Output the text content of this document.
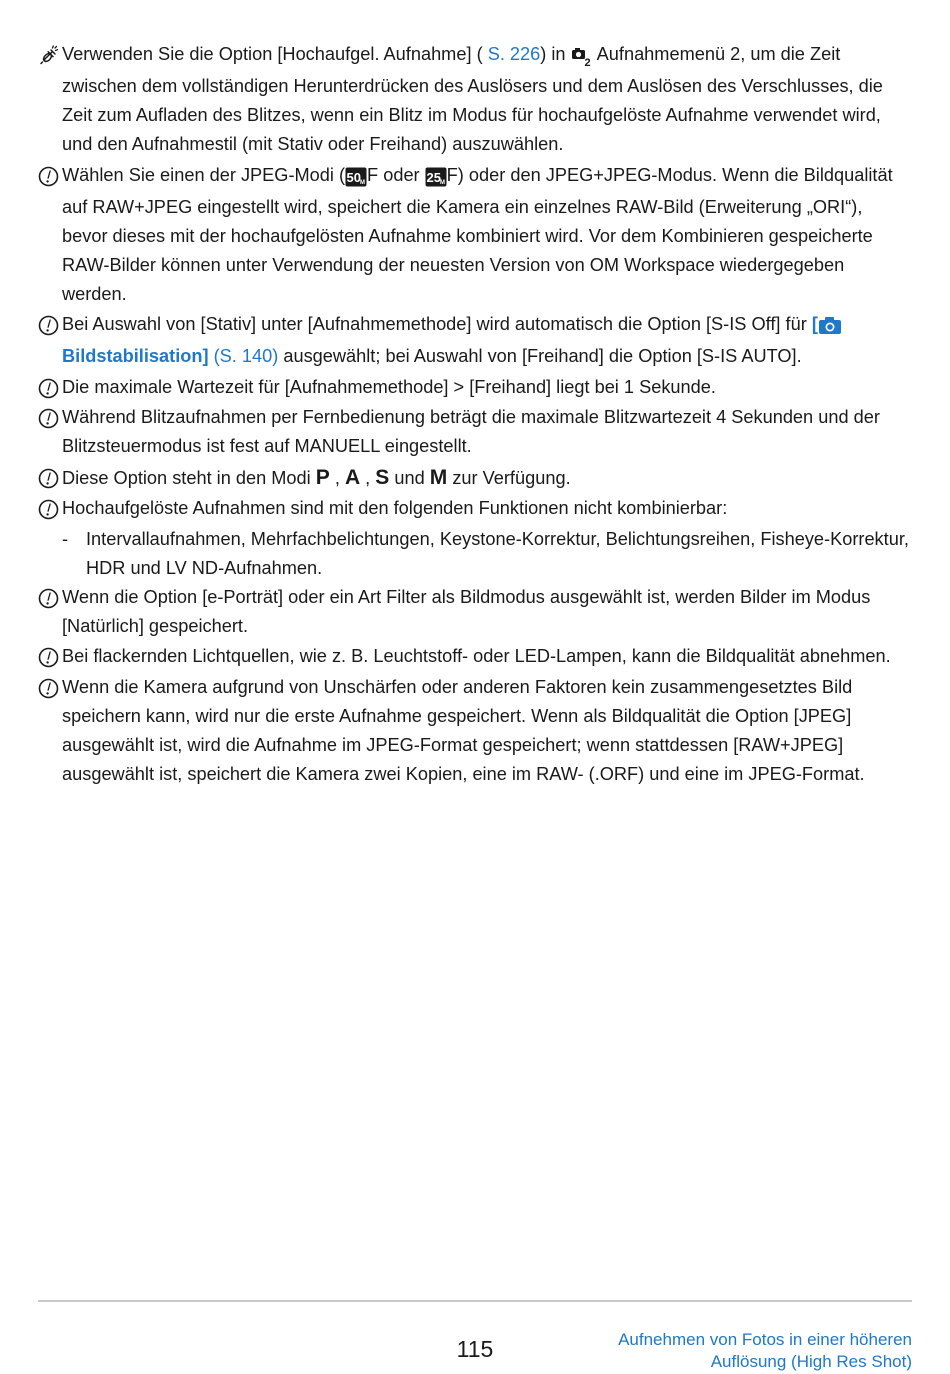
Verwenden Sie die Option [Hochaufgel. Aufnahme] ( S. 226) in 2 Aufnahmemenü 2, um die Zeit zwischen dem vollständigen Herunterdrücken des Auslösers und dem Auslösen des Verschlusses, die Zeit zum Aufladen des Blitzes, wenn ein Blitz im Modus für hochaufgelöste Aufnahme verwendet wird, und den Aufnahmestil (mit Stativ oder Freihand) auszuwählen.
Wählen Sie einen der JPEG-Modi ( 50 M F oder 25 M F) oder den JPEG+JPEG-Modus. Wenn die Bildqualität auf RAW+JPEG eingestellt wird, speichert die Kamera ein einzelnes RAW-Bild (Erweiterung „ORI“), bevor dieses mit der hochaufgelösten Aufnahme kombiniert wird. Vor dem Kombinieren gespeicherte RAW-Bilder können unter Verwendung der neuesten Version von OM Workspace wiedergegeben werden.
Bei Auswahl von [Stativ] unter [Aufnahmemethode] wird automatisch die Option [S-IS Off] für [ Bildstabilisation] (S. 140) ausgewählt; bei Auswahl von [Freihand] die Option [S-IS AUTO].
Die maximale Wartezeit für [Aufnahmemethode] > [Freihand] liegt bei 1 Sekunde.
Während Blitzaufnahmen per Fernbedienung beträgt die maximale Blitzwartezeit 4 Sekunden und der Blitzsteuermodus ist fest auf MANUELL eingestellt.
Diese Option steht in den Modi P , A , S und M zur Verfügung.
Hochaufgelöste Aufnahmen sind mit den folgenden Funktionen nicht kombinierbar:
- Intervallaufnahmen, Mehrfachbelichtungen, Keystone-Korrektur, Belichtungsreihen, Fisheye-Korrektur, HDR und LV ND-Aufnahmen.
Wenn die Option [e-Porträt] oder ein Art Filter als Bildmodus ausgewählt ist, werden Bilder im Modus [Natürlich] gespeichert.
Bei flackernden Lichtquellen, wie z. B. Leuchtstoff- oder LED-Lampen, kann die Bildqualität abnehmen.
Wenn die Kamera aufgrund von Unschärfen oder anderen Faktoren kein zusammengesetztes Bild speichern kann, wird nur die erste Aufnahme gespeichert. Wenn als Bildqualität die Option [JPEG] ausgewählt ist, wird die Aufnahme im JPEG-Format gespeichert; wenn stattdessen [RAW+JPEG] ausgewählt ist, speichert die Kamera zwei Kopien, eine im RAW- (.ORF) und eine im JPEG-Format.
115	Aufnehmen von Fotos in einer höheren
Auflösung (High Res Shot)
